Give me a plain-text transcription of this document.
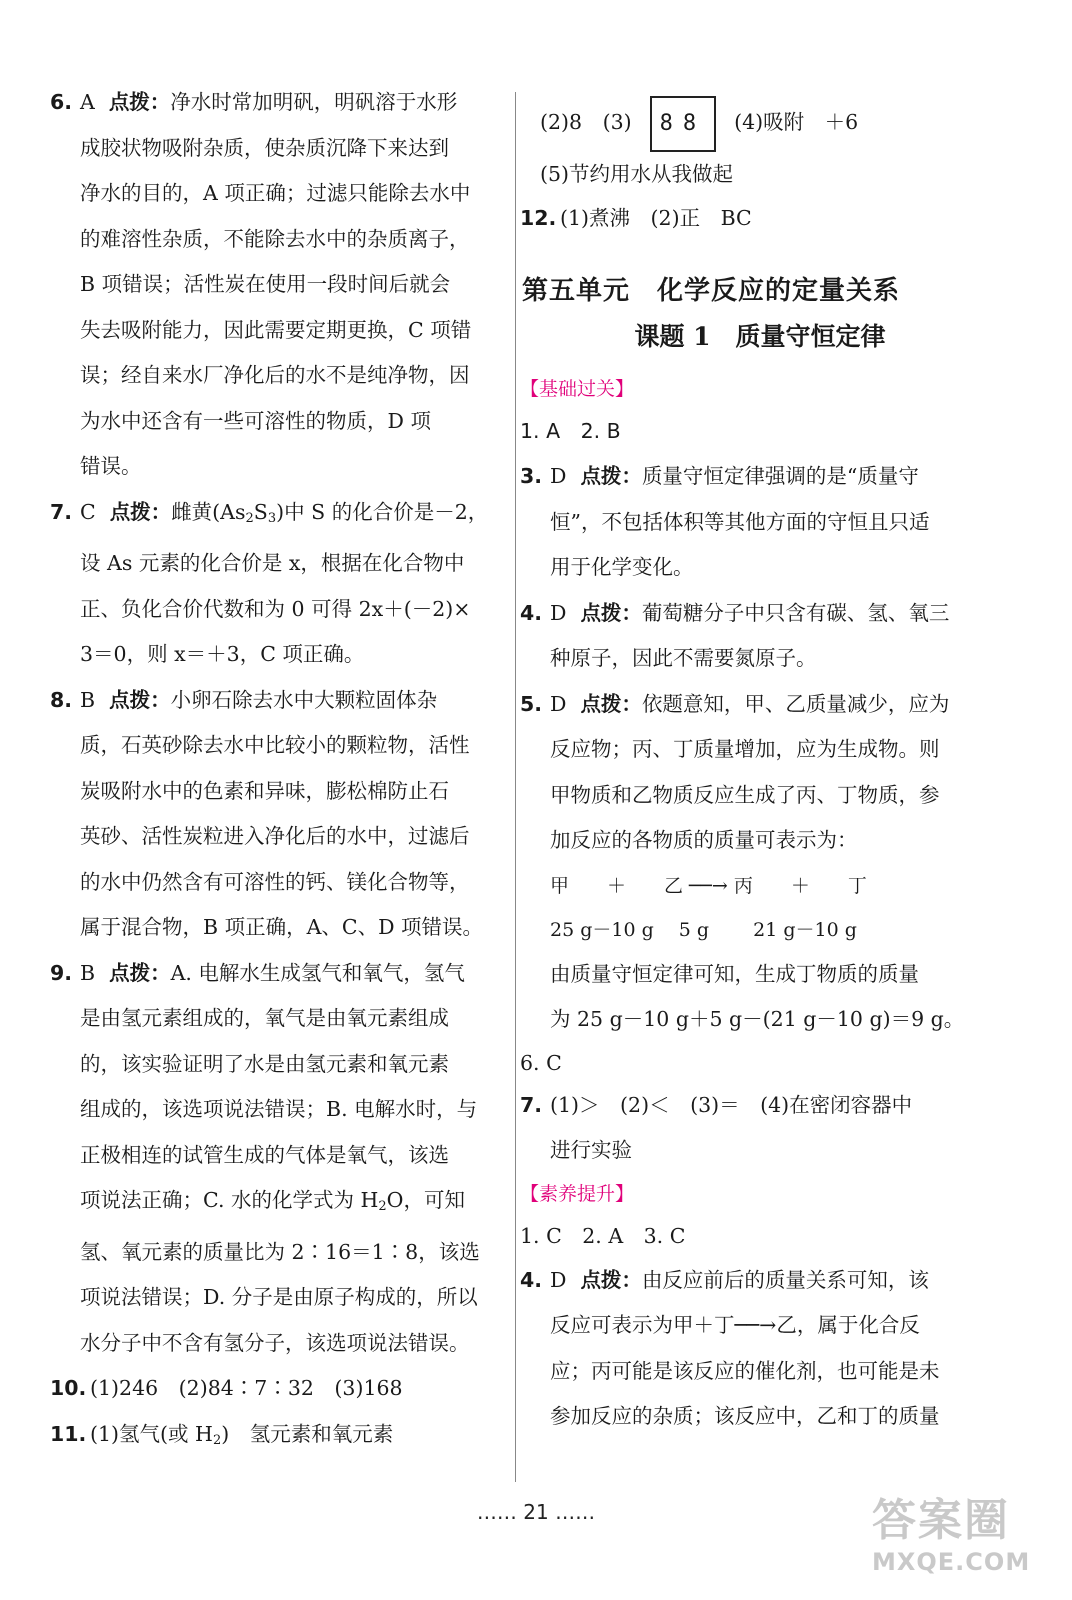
6. A 点拨：净水时常加明矾，明矾溶于水形
成胶状物吸附杂质，使杂质沉降下来达到
净水的目的，A 项正确；过滤只能除去水中
的难溶性杂质，不能除去水中的杂质离子，
B 项错误；活性炭在使用一段时间后就会
失去吸附能力，因此需要定期更换，C 项错
误；经自来水厂净化后的水不是纯净物，因
为水中还含有一些可溶性的物质，D 项
错误。
7. C 点拨：雌黄$(As_2S_3)$中 S 的化合价是－2，
设 As 元素的化合价是 x，根据在化合物中
正、负化合价代数和为 0 可得 2x＋(－2)×
3＝0，则 x＝＋3，C 项正确。
8. B 点拨：小卵石除去水中大颗粒固体杂
质，石英砂除去水中比较小的颗粒物，活性
炭吸附水中的色素和异味，膨松棉防止石
英砂、活性炭粒进入净化后的水中，过滤后
的水中仍然含有可溶性的钙、镁化合物等，
属于混合物，B 项正确，A、C、D 项错误。
9. B 点拨：A. 电解水生成氢气和氧气，氢气
是由氢元素组成的，氧气是由氧元素组成
的，该实验证明了水是由氢元素和氧元素
组成的，该选项说法错误；B. 电解水时，与
正极相连的试管生成的气体是氧气，该选
项说法正确；C. 水的化学式为 $H_2O$，可知
氢、氧元素的质量比为 2∶16＝1∶8，该选
项说法错误；D. 分子是由原子构成的，所以
水分子中不含有氢分子，该选项说法错误。
10. (1)246　(2)84∶7∶32　(3)168
11. (1)氢气(或 $H_2$)　氢元素和氧元素
(2)8　(3) 88 (4)吸附　＋6
(5)节约用水从我做起
12. (1)煮沸　(2)正　BC
第五单元　化学反应的定量关系
课题 1　质量守恒定律
【基础过关】
1. A　2. B
3. D 点拨：质量守恒定律强调的是“质量守
恒”，不包括体积等其他方面的守恒且只适
用于化学变化。
4. D 点拨：葡萄糖分子中只含有碳、氢、氧三
种原子，因此不需要氮原子。
5. D 点拨：依题意知，甲、乙质量减少，应为
反应物；丙、丁质量增加，应为生成物。则
甲物质和乙物质反应生成了丙、丁物质，参
加反应的各物质的质量可表示为：
甲　　＋　　乙 ──→ 丙　　＋　　丁
25 g－10 g　 5 g　　 21 g－10 g
由质量守恒定律可知，生成丁物质的质量
为 25 g－10 g＋5 g－(21 g－10 g)＝9 g。
6. C
7. (1)＞　(2)＜　(3)＝　(4)在密闭容器中
进行实验
【素养提升】
1. C　2. A　3. C
4. D 点拨：由反应前后的质量关系可知，该
反应可表示为甲＋丁──→乙，属于化合反
应；丙可能是该反应的催化剂，也可能是未
参加反应的杂质；该反应中，乙和丁的质量
…… 21 ……	答案圈
MXQE.COM
